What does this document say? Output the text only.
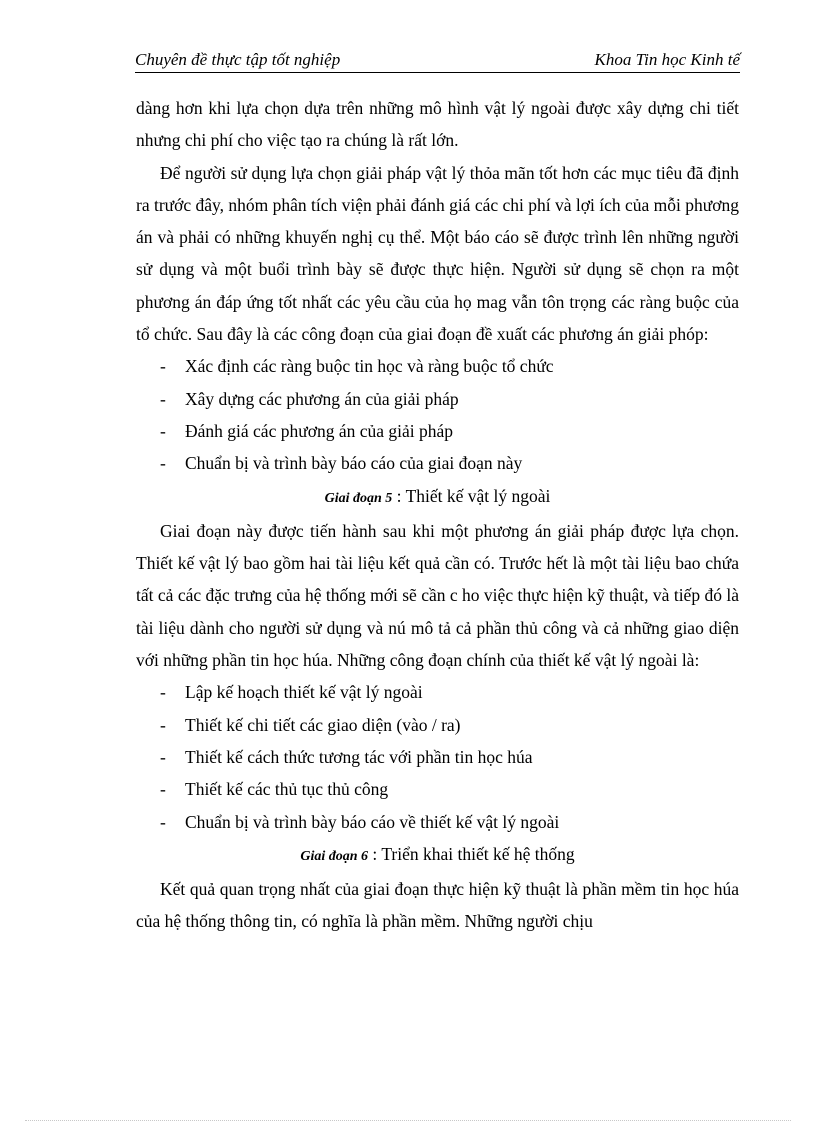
Chuyên đề thực tập tốt nghiệp	Khoa Tin học Kinh tế

dàng hơn khi lựa chọn dựa trên những mô hình vật lý ngoài được xây dựng chi tiết nhưng chi phí cho việc tạo ra chúng là rất lớn.

Để người sử dụng lựa chọn giải pháp vật lý thỏa mãn tốt hơn các mục tiêu đã định ra trước đây, nhóm phân tích viện phải đánh giá các chi phí và lợi ích của mỗi phương án và phải có những khuyến nghị cụ thể. Một báo cáo sẽ được trình lên những người sử dụng và một buổi trình bày sẽ được thực hiện. Người sử dụng sẽ chọn ra một phương án đáp ứng tốt nhất các yêu cầu của họ mag vẫn tôn trọng các ràng buộc của tổ chức. Sau đây là các công đoạn của giai đoạn đề xuất các phương án giải phóp:

-	Xác định các ràng buộc tin học và ràng buộc tổ chức
-	Xây dựng các phương án của giải pháp
-	Đánh giá các phương án của giải pháp
-	Chuẩn bị và trình bày báo cáo của giai đoạn này

Giai đoạn 5 : Thiết kế vật lý ngoài

Giai đoạn này được tiến hành sau khi một phương án giải pháp được lựa chọn. Thiết kế vật lý bao gồm hai tài liệu kết quả cần có. Trước hết là một tài liệu bao chứa tất cả các đặc trưng của hệ thống mới sẽ cần c ho việc thực hiện kỹ thuật, và tiếp đó là tài liệu dành cho người sử dụng và nú mô tả cả phần thủ công và cả những giao diện với những phần tin học húa. Những công đoạn chính của thiết kế vật lý ngoài là:

-	Lập kế hoạch thiết kế vật lý ngoài
-	Thiết kế chi tiết các giao diện (vào / ra)
-	Thiết kế cách thức tương tác với phần tin học húa
-	Thiết kế các thủ tục thủ công
-	Chuẩn bị và trình bày báo cáo về thiết kế vật lý ngoài

Giai đoạn 6 : Triển khai thiết kế hệ thống

Kết quả quan trọng nhất của giai đoạn thực hiện kỹ thuật là phần mềm tin học húa của hệ thống thông tin, có nghĩa là phần mềm. Những người chịu
